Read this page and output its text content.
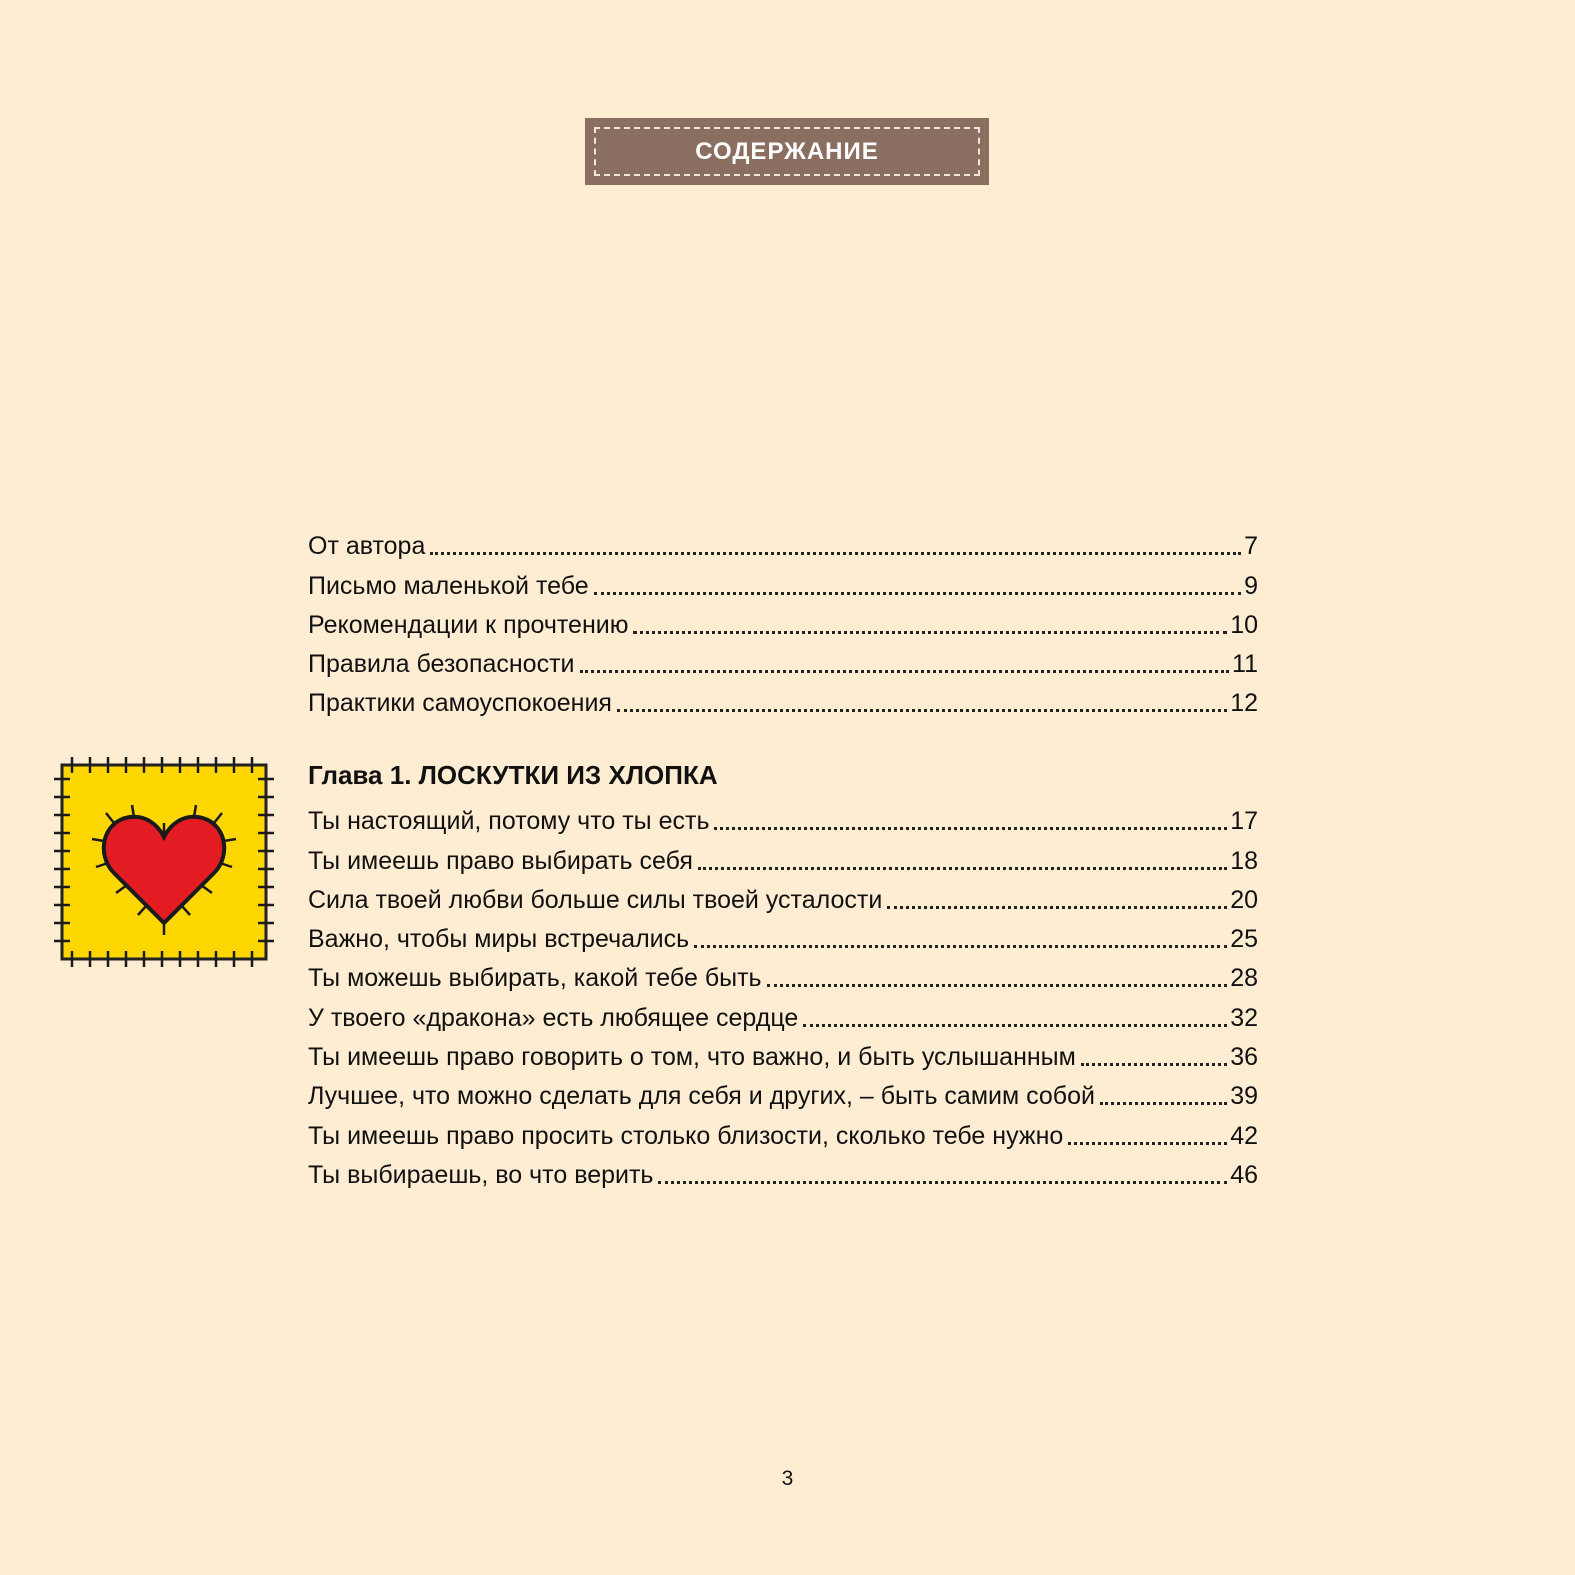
СОДЕРЖАНИЕ
От автора	7
Письмо маленькой тебе	9
Рекомендации к прочтению	10
Правила безопасности	11
Практики самоуспокоения	12
Глава 1. ЛОСКУТКИ ИЗ ХЛОПКА
Ты настоящий, потому что ты есть	17
Ты имеешь право выбирать себя	18
Сила твоей любви больше силы твоей усталости	20
Важно, чтобы миры встречались	25
Ты можешь выбирать, какой тебе быть	28
У твоего «дракона» есть любящее сердце	32
Ты имеешь право говорить о том, что важно, и быть услышанным	36
Лучшее, что можно сделать для себя и других, – быть самим собой	39
Ты имеешь право просить столько близости, сколько тебе нужно	42
Ты выбираешь, во что верить	46
3
